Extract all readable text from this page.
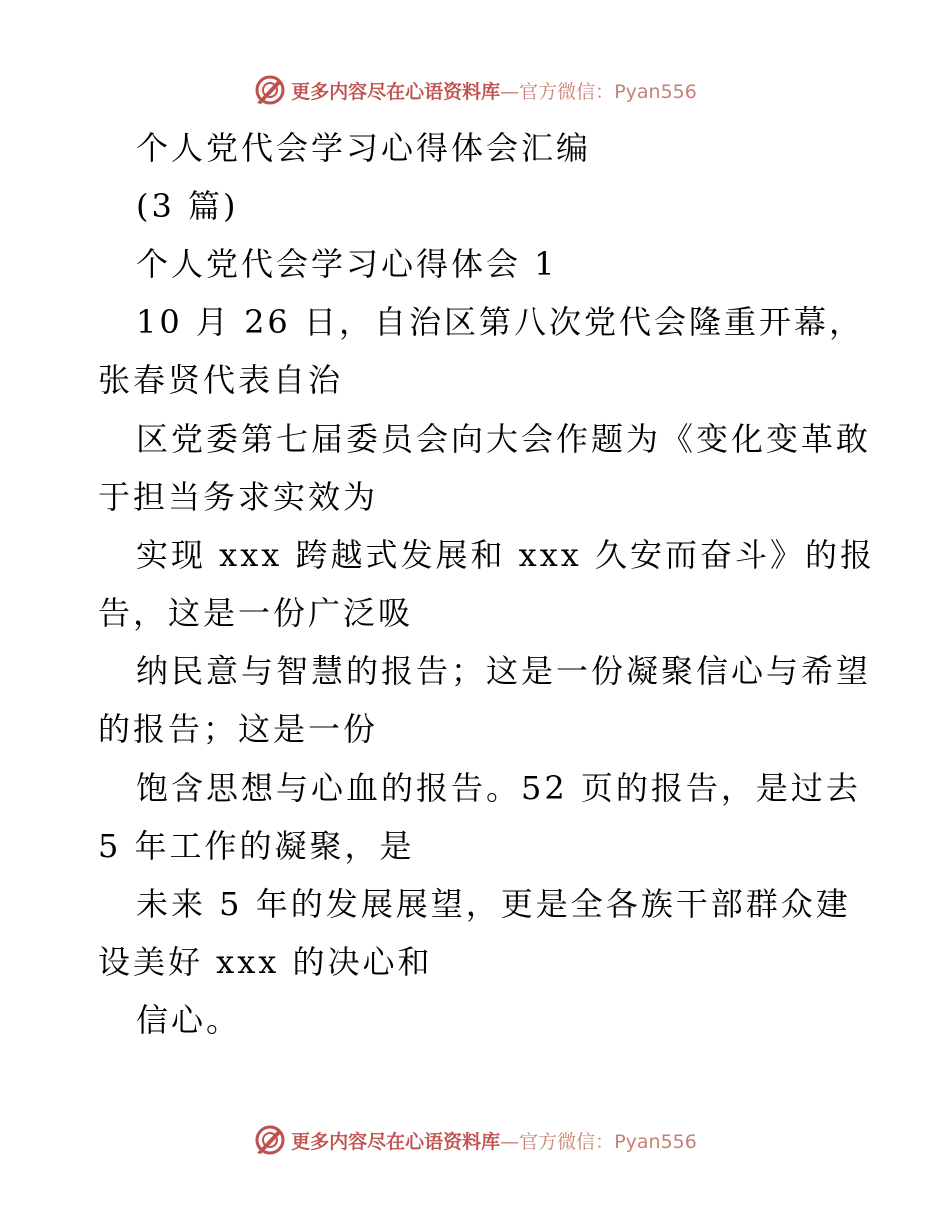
更多内容尽在心语资料库—官方微信：Pyan556
个人党代会学习心得体会汇编
(3 篇)
个人党代会学习心得体会 1
10 月 26 日，自治区第八次党代会隆重开幕，
张春贤代表自治
区党委第七届委员会向大会作题为《变化变革敢
于担当务求实效为
实现 xxx 跨越式发展和 xxx 久安而奋斗》的报
告，这是一份广泛吸
纳民意与智慧的报告；这是一份凝聚信心与希望
的报告；这是一份
饱含思想与心血的报告。52 页的报告，是过去
5 年工作的凝聚，是
未来 5 年的发展展望，更是全各族干部群众建
设美好 xxx 的决心和
信心。
更多内容尽在心语资料库—官方微信：Pyan556
